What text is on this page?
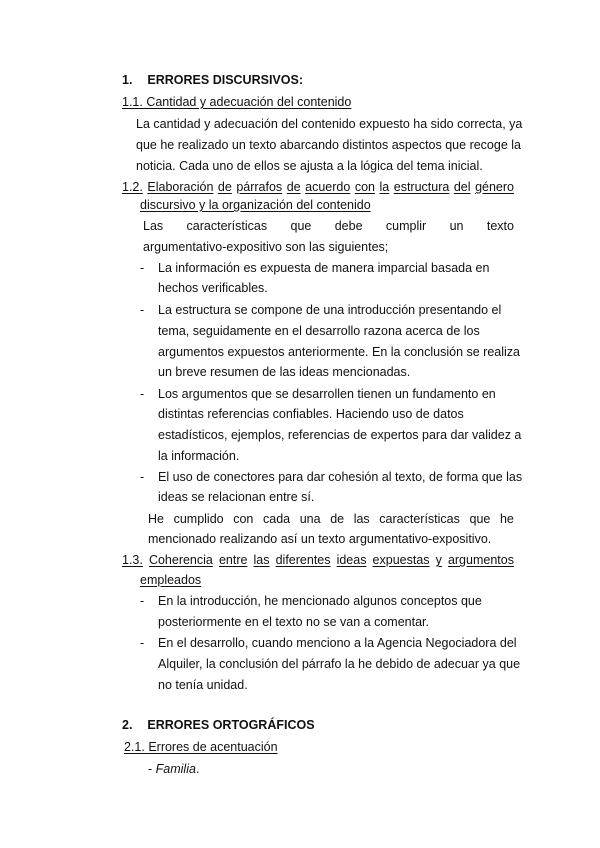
1. ERRORES DISCURSIVOS:
1.1. Cantidad y adecuación del contenido
La cantidad y adecuación del contenido expuesto ha sido correcta, ya
que he realizado un texto abarcando distintos aspectos que recoge la
noticia. Cada uno de ellos se ajusta a la lógica del tema inicial.
1.2. Elaboración de párrafos de acuerdo con la estructura del género
discursivo y la organización del contenido
Las características que debe cumplir un texto
argumentativo-expositivo son las siguientes;
- La información es expuesta de manera imparcial basada en
hechos verificables.
- La estructura se compone de una introducción presentando el
tema, seguidamente en el desarrollo razona acerca de los
argumentos expuestos anteriormente. En la conclusión se realiza
un breve resumen de las ideas mencionadas.
- Los argumentos que se desarrollen tienen un fundamento en
distintas referencias confiables. Haciendo uso de datos
estadísticos, ejemplos, referencias de expertos para dar validez a
la información.
- El uso de conectores para dar cohesión al texto, de forma que las
ideas se relacionan entre sí.
He cumplido con cada una de las características que he
mencionado realizando así un texto argumentativo-expositivo.
1.3. Coherencia entre las diferentes ideas expuestas y argumentos
empleados
- En la introducción, he mencionado algunos conceptos que
posteriormente en el texto no se van a comentar.
- En el desarrollo, cuando menciono a la Agencia Negociadora del
Alquiler, la conclusión del párrafo la he debido de adecuar ya que
no tenía unidad.
2. ERRORES ORTOGRÁFICOS
2.1. Errores de acentuación
- Familia.
